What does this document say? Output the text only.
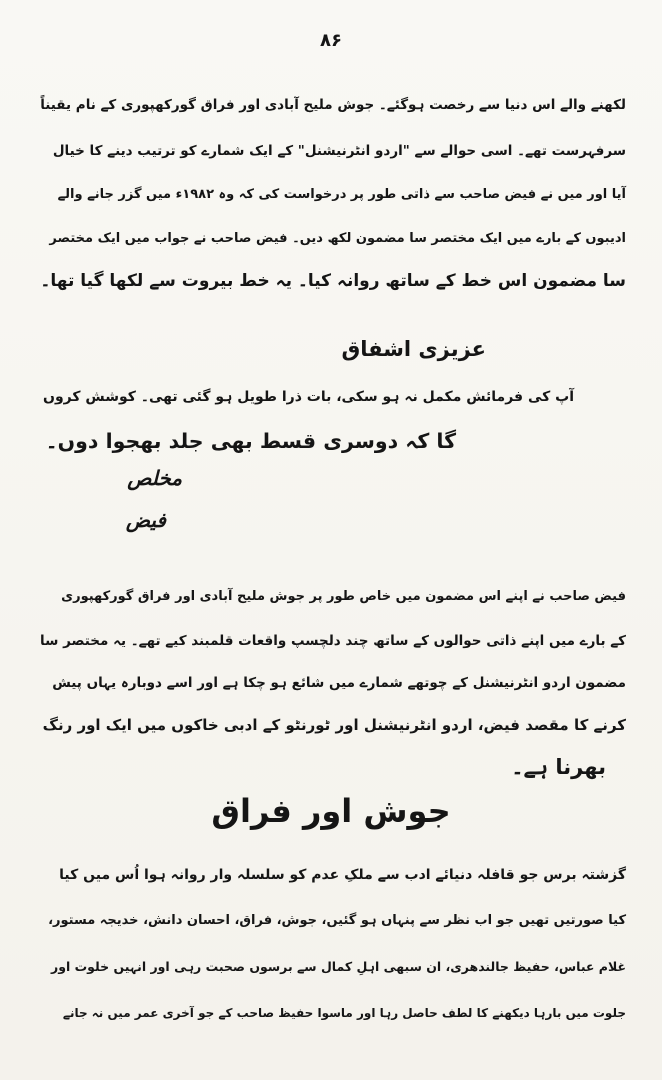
۸۶
لکھنے والے اس دنیا سے رخصت ہوگئے۔ جوش ملیح آبادی اور فراق گورکھپوری کے نام یقیناً
سرفہرست تھے۔ اسی حوالے سے "اردو انٹرنیشنل" کے ایک شمارے کو ترتیب دینے کا خیال
آیا اور میں نے فیض صاحب سے ذاتی طور پر درخواست کی کہ وہ ۱۹۸۲ء میں گزر جانے والے
ادیبوں کے بارے میں ایک مختصر سا مضمون لکھ دیں۔ فیض صاحب نے جواب میں ایک مختصر
سا مضمون اس خط کے ساتھ روانہ کیا۔ یہ خط بیروت سے لکھا گیا تھا۔
عزیزی اشفاق
آپ کی فرمائش مکمل نہ ہو سکی، بات ذرا طویل ہو گئی تھی۔ کوشش کروں
گا کہ دوسری قسط بھی جلد بھجوا دوں۔
مخلص
فیض
فیض صاحب نے اپنے اس مضمون میں خاص طور پر جوش ملیح آبادی اور فراق گورکھپوری
کے بارے میں اپنے ذاتی حوالوں کے ساتھ چند دلچسپ واقعات قلمبند کیے تھے۔ یہ مختصر سا
مضمون اردو انٹرنیشنل کے چوتھے شمارے میں شائع ہو چکا ہے اور اسے دوبارہ یہاں پیش
کرنے کا مقصد فیض، اردو انٹرنیشنل اور ٹورنٹو کے ادبی خاکوں میں ایک اور رنگ
بھرنا ہے۔
جوش اور فراق
گزشتہ برس جو قافلہ دنیائے ادب سے ملکِ عدم کو سلسلہ وار روانہ ہوا اُس میں کیا
کیا صورتیں تھیں جو اب نظر سے پنہاں ہو گئیں، جوش، فراق، احسان دانش، خدیجہ مستور،
غلام عباس، حفیظ جالندھری، ان سبھی اہلِ کمال سے برسوں صحبت رہی اور انہیں خلوت اور
جلوت میں بارہا دیکھنے کا لطف حاصل رہا اور ماسوا حفیظ صاحب کے جو آخری عمر میں نہ جانے
